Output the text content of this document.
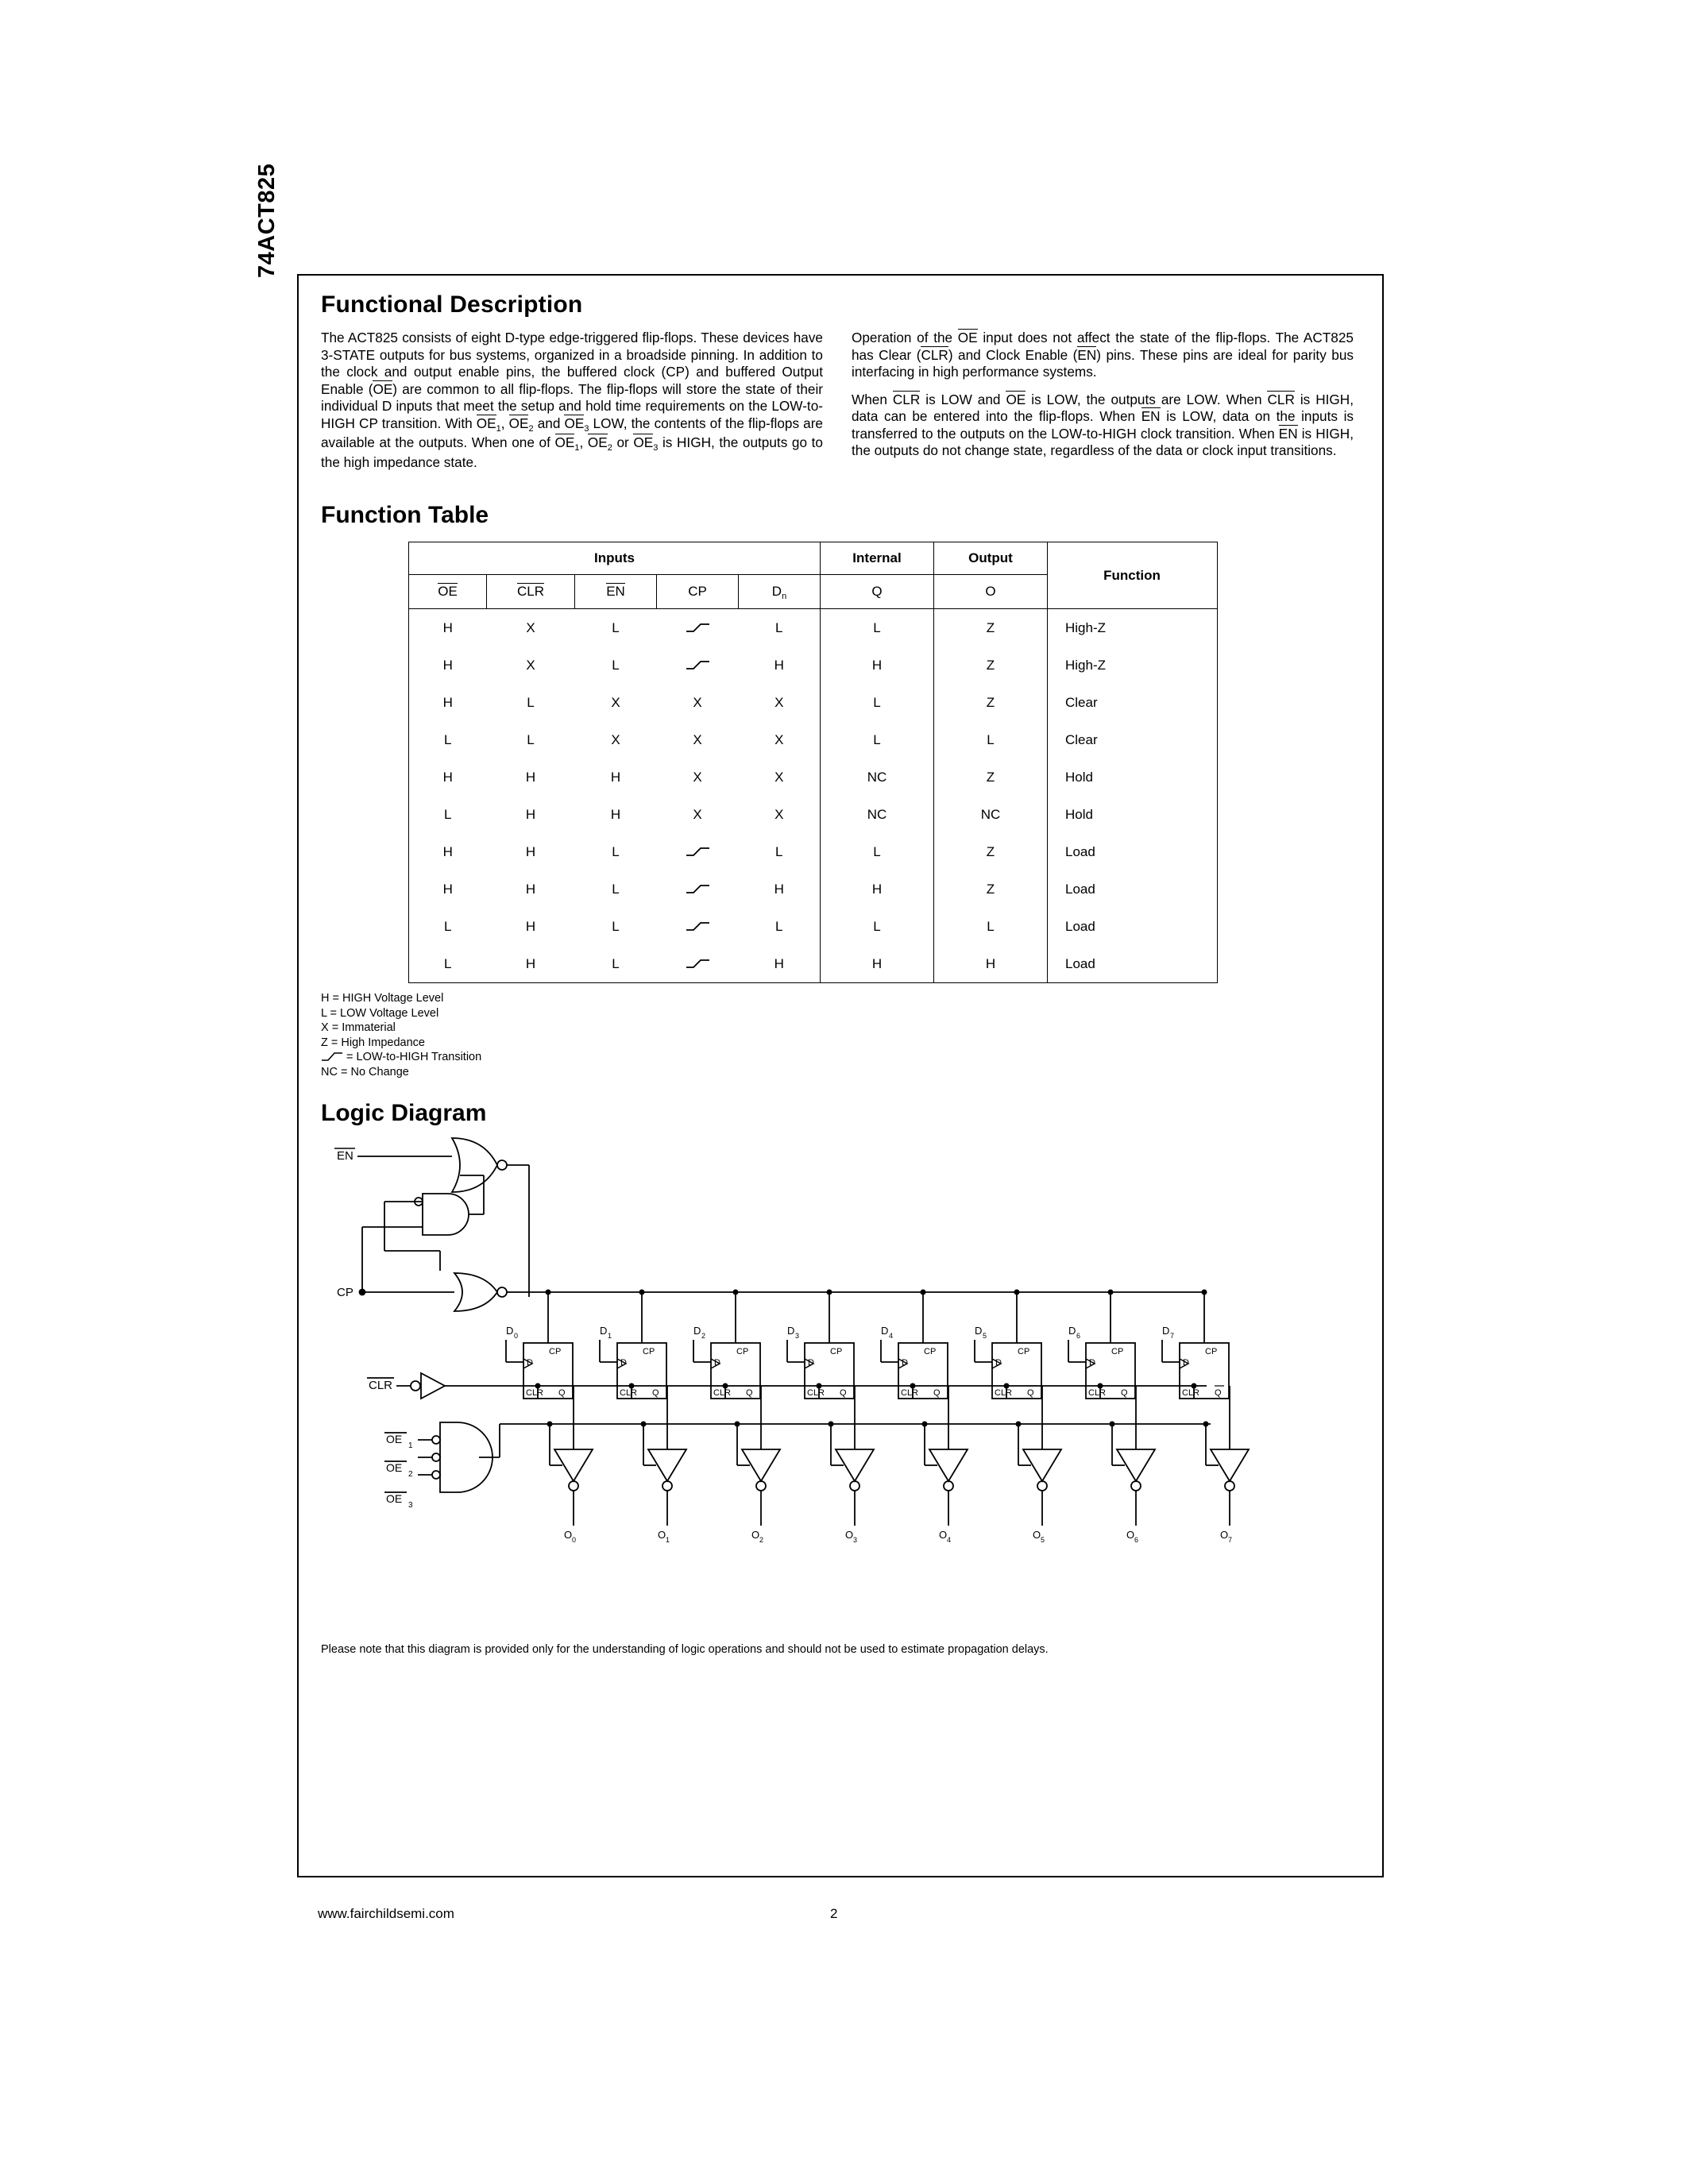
74ACT825
Functional Description

The ACT825 consists of eight D-type edge-triggered flip-flops. These devices have 3-STATE outputs for bus systems, organized in a broadside pinning. In addition to the clock and output enable pins, the buffered clock (CP) and buffered Output Enable (OE) are common to all flip-flops. The flip-flops will store the state of their individual D inputs that meet the setup and hold time requirements on the LOW-to-HIGH CP transition. With $OE_1$, $OE_2$ and $OE_3$ LOW, the contents of the flip-flops are available at the outputs. When one of $OE_1$, $OE_2$ or $OE_3$ is HIGH, the outputs go to the high impedance state.

Operation of the OE input does not affect the state of the flip-flops. The ACT825 has Clear (CLR) and Clock Enable (EN) pins. These pins are ideal for parity bus interfacing in high performance systems.

When CLR is LOW and OE is LOW, the outputs are LOW. When CLR is HIGH, data can be entered into the flip-flops. When EN is LOW, data on the inputs is transferred to the outputs on the LOW-to-HIGH clock transition. When EN is HIGH, the outputs do not change state, regardless of the data or clock input transitions.

Function Table
Inputs					Internal	Output	Function
OE	CLR	EN	CP	$D_n$	Q	O	
H	X	L		L	L	Z	High-Z
H	X	L		H	H	Z	High-Z
H	L	X	X	X	L	Z	Clear
L	L	X	X	X	L	L	Clear
H	H	H	X	X	NC	Z	Hold
L	H	H	X	X	NC	NC	Hold
H	H	L		L	L	Z	Load
H	H	L		H	H	Z	Load
L	H	L		L	L	L	Load
L	H	L		H	H	H	Load
H = HIGH Voltage Level
L = LOW Voltage Level
X = Immaterial
Z = High Impedance
= LOW-to-HIGH Transition
NC = No Change
Logic Diagram
EN
CP
CLR
OE
1
OE
2
OE
3
D 0
D
CP
CLR Q
D 1
D
CP
CLR Q
D 2
D
CP
CLR Q
D 3
D
CP
CLR Q
D 4
D
CP
CLR Q
D 5
D
CP
CLR Q
D 6
D
CP
CLR Q
D 7
D
CP
CLR Q
O 0	O 1	O 2	O 3	O 4	O 5	O 6	O 7
Please note that this diagram is provided only for the understanding of logic operations and should not be used to estimate propagation delays.
www.fairchildsemi.com	2
